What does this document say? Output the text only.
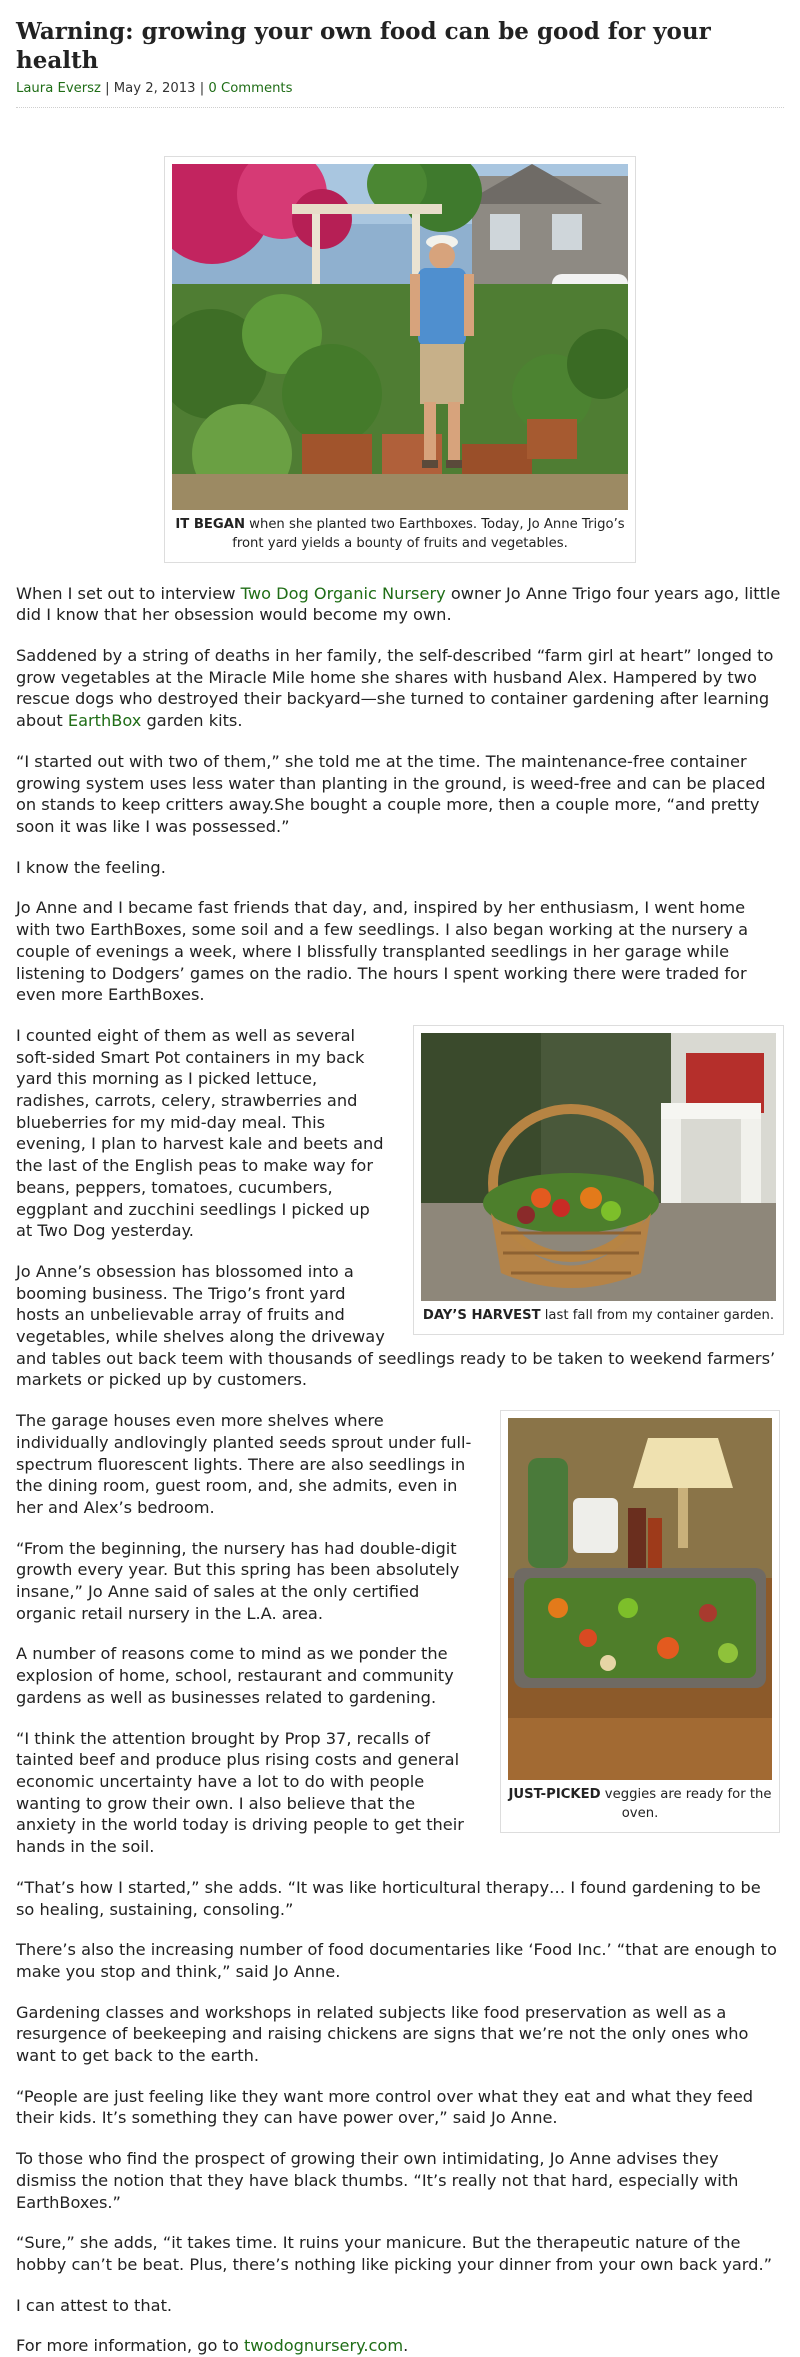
Warning: growing your own food can be good for your health
Laura Eversz | May 2, 2013 | 0 Comments
IT BEGAN when she planted two Earthboxes. Today, Jo Anne Trigo’s front yard yields a bounty of fruits and vegetables.

When I set out to interview Two Dog Organic Nursery owner Jo Anne Trigo four years ago, little did I know that her obsession would become my own.

Saddened by a string of deaths in her family, the self-described “farm girl at heart” longed to grow vegetables at the Miracle Mile home she shares with husband Alex. Hampered by two rescue dogs who destroyed their backyard—she turned to container gardening after learning about EarthBox garden kits.

“I started out with two of them,” she told me at the time. The maintenance-free container growing system uses less water than planting in the ground, is weed-free and can be placed on stands to keep critters away.She bought a couple more, then a couple more, “and pretty soon it was like I was possessed.”

I know the feeling.

Jo Anne and I became fast friends that day, and, inspired by her enthusiasm, I went home with two EarthBoxes, some soil and a few seedlings. I also began working at the nursery a couple of evenings a week, where I blissfully transplanted seedlings in her garage while listening to Dodgers’ games on the radio. The hours I spent working there were traded for even more EarthBoxes.

DAY’S HARVEST last fall from my container garden.

I counted eight of them as well as several soft-sided Smart Pot containers in my back yard this morning as I picked lettuce, radishes, carrots, celery, strawberries and blueberries for my mid-day meal. This evening, I plan to harvest kale and beets and the last of the English peas to make way for beans, peppers, tomatoes, cucumbers, eggplant and zucchini seedlings I picked up at Two Dog yesterday.

Jo Anne’s obsession has blossomed into a booming business. The Trigo’s front yard hosts an unbelievable array of fruits and vegetables, while shelves along the driveway and tables out back teem with thousands of seedlings ready to be taken to weekend farmers’ markets or picked up by customers.

JUST-PICKED veggies are ready for the oven.

The garage houses even more shelves where individually andlovingly planted seeds sprout under full-spectrum fluorescent lights. There are also seedlings in the dining room, guest room, and, she admits, even in her and Alex’s bedroom.

“From the beginning, the nursery has had double-digit growth every year. But this spring has been absolutely insane,” Jo Anne said of sales at the only certified organic retail nursery in the L.A. area.

A number of reasons come to mind as we ponder the explosion of home, school, restaurant and community gardens as well as businesses related to gardening.

“I think the attention brought by Prop 37, recalls of tainted beef and produce plus rising costs and general economic uncertainty have a lot to do with people wanting to grow their own. I also believe that the anxiety in the world today is driving people to get their hands in the soil.

“That’s how I started,” she adds. “It was like horticultural therapy… I found gardening to be so healing, sustaining, consoling.”

There’s also the increasing number of food documentaries like ‘Food Inc.’ “that are enough to make you stop and think,” said Jo Anne.

Gardening classes and workshops in related subjects like food preservation as well as a resurgence of beekeeping and raising chickens are signs that we’re not the only ones who want to get back to the earth.

“People are just feeling like they want more control over what they eat and what they feed their kids. It’s something they can have power over,” said Jo Anne.

To those who find the prospect of growing their own intimidating, Jo Anne advises they dismiss the notion that they have black thumbs. “It’s really not that hard, especially with EarthBoxes.”

“Sure,” she adds, “it takes time. It ruins your manicure. But the therapeutic nature of the hobby can’t be beat. Plus, there’s nothing like picking your dinner from your own back yard.”

I can attest to that.

For more information, go to twodognursery.com.
